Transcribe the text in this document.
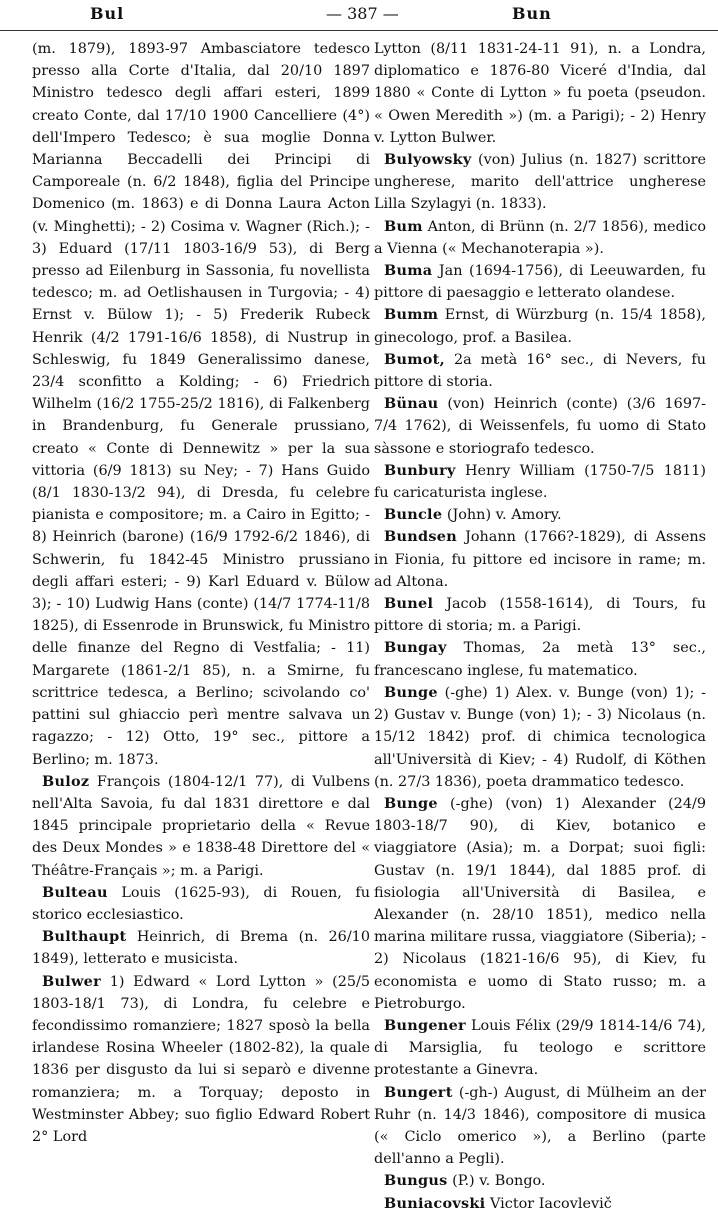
Bul	— 387 —	Bun

(m. 1879), 1893-97 Ambasciatore tedesco presso alla Corte d'Italia, dal 20/10 1897 Ministro tedesco degli affari esteri, 1899 creato Conte, dal 17/10 1900 Cancelliere (4°) dell'Impero Tedesco; è sua moglie Donna Marianna Beccadelli dei Principi di Camporeale (n. 6/2 1848), figlia del Principe Domenico (m. 1863) e di Donna Laura Acton (v. Minghetti); - 2) Cosima v. Wagner (Rich.); - 3) Eduard (17/11 1803-16/9 53), di Berg presso ad Eilenburg in Sassonia, fu novellista tedesco; m. ad Oetlishausen in Turgovia; - 4) Ernst v. Bülow 1); - 5) Frederik Rubeck Henrik (4/2 1791-16/6 1858), di Nustrup in Schleswig, fu 1849 Generalissimo danese, 23/4 sconfitto a Kolding; - 6) Friedrich Wilhelm (16/2 1755-25/2 1816), di Falkenberg in Brandenburg, fu Generale prussiano, creato « Conte di Dennewitz » per la sua vittoria (6/9 1813) su Ney; - 7) Hans Guido (8/1 1830-13/2 94), di Dresda, fu celebre pianista e compositore; m. a Cairo in Egitto; - 8) Heinrich (barone) (16/9 1792-6/2 1846), di Schwerin, fu 1842-45 Ministro prussiano degli affari esteri; - 9) Karl Eduard v. Bülow 3); - 10) Ludwig Hans (conte) (14/7 1774-11/8 1825), di Essenrode in Brunswick, fu Ministro delle finanze del Regno di Vestfalia; - 11) Margarete (1861-2/1 85), n. a Smirne, fu scrittrice tedesca, a Berlino; scivolando co' pattini sul ghiaccio perì mentre salvava un ragazzo; - 12) Otto, 19° sec., pittore a Berlino; m. 1873.

Buloz François (1804-12/1 77), di Vulbens nell'Alta Savoia, fu dal 1831 direttore e dal 1845 principale proprietario della « Revue des Deux Mondes » e 1838-48 Direttore del « Théâtre-Français »; m. a Parigi.

Bulteau Louis (1625-93), di Rouen, fu storico ecclesiastico.

Bulthaupt Heinrich, di Brema (n. 26/10 1849), letterato e musicista.

Bulwer 1) Edward « Lord Lytton » (25/5 1803-18/1 73), di Londra, fu celebre e fecondissimo romanziere; 1827 sposò la bella irlandese Rosina Wheeler (1802-82), la quale 1836 per disgusto da lui si separò e divenne romanziera; m. a Torquay; deposto in Westminster Abbey; suo figlio Edward Robert 2° Lord

Lytton (8/11 1831-24-11 91), n. a Londra, diplomatico e 1876-80 Viceré d'India, dal 1880 « Conte di Lytton » fu poeta (pseudon. « Owen Meredith ») (m. a Parigi); - 2) Henry v. Lytton Bulwer.

Bulyowsky (von) Julius (n. 1827) scrittore ungherese, marito dell'attrice ungherese Lilla Szylagyi (n. 1833).

Bum Anton, di Brünn (n. 2/7 1856), medico a Vienna (« Mechanoterapia »).

Buma Jan (1694-1756), di Leeuwarden, fu pittore di paesaggio e letterato olandese.

Bumm Ernst, di Würzburg (n. 15/4 1858), ginecologo, prof. a Basilea.

Bumot, 2a metà 16° sec., di Nevers, fu pittore di storia.

Bünau (von) Heinrich (conte) (3/6 1697-7/4 1762), di Weissenfels, fu uomo di Stato sàssone e storiografo tedesco.

Bunbury Henry William (1750-7/5 1811) fu caricaturista inglese.

Buncle (John) v. Amory.

Bundsen Johann (1766?-1829), di Assens in Fionia, fu pittore ed incisore in rame; m. ad Altona.

Bunel Jacob (1558-1614), di Tours, fu pittore di storia; m. a Parigi.

Bungay Thomas, 2a metà 13° sec., francescano inglese, fu matematico.

Bunge (-ghe) 1) Alex. v. Bunge (von) 1); - 2) Gustav v. Bunge (von) 1); - 3) Nicolaus (n. 15/12 1842) prof. di chimica tecnologica all'Università di Kiev; - 4) Rudolf, di Köthen (n. 27/3 1836), poeta drammatico tedesco.

Bunge (-ghe) (von) 1) Alexander (24/9 1803-18/7 90), di Kiev, botanico e viaggiatore (Asia); m. a Dorpat; suoi figli: Gustav (n. 19/1 1844), dal 1885 prof. di fisiologia all'Università di Basilea, e Alexander (n. 28/10 1851), medico nella marina militare russa, viaggiatore (Siberia); - 2) Nicolaus (1821-16/6 95), di Kiev, fu economista e uomo di Stato russo; m. a Pietroburgo.

Bungener Louis Félix (29/9 1814-14/6 74), di Marsiglia, fu teologo e scrittore protestante a Ginevra.

Bungert (-gh-) August, di Mülheim an der Ruhr (n. 14/3 1846), compositore di musica (« Ciclo omerico »), a Berlino (parte dell'anno a Pegli).

Bungus (P.) v. Bongo.

Buniacovski Victor Iacovlevič
